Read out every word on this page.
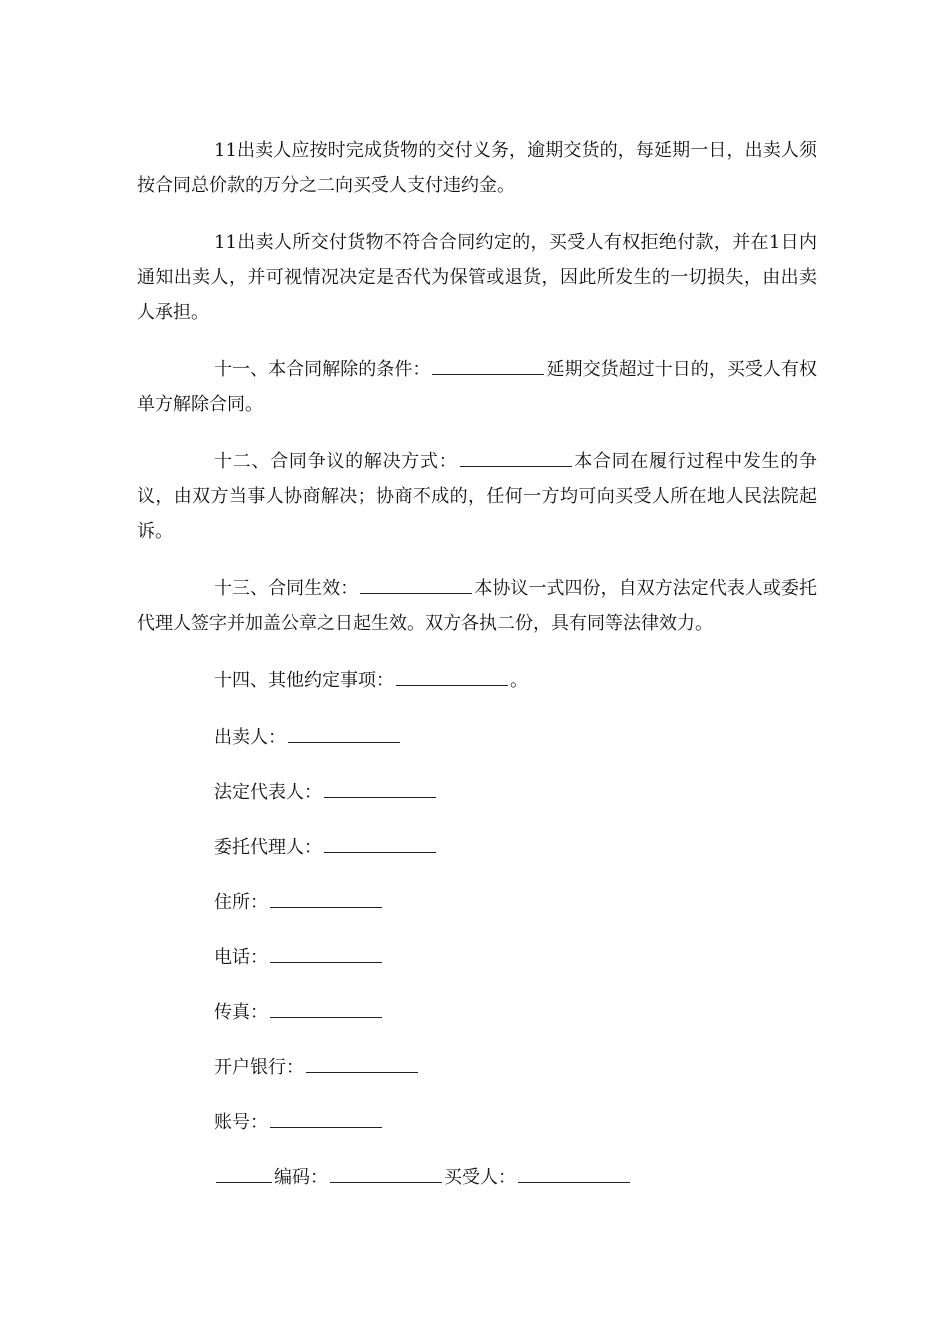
11出卖人应按时完成货物的交付义务，逾期交货的，每延期一日，出卖人须按合同总价款的万分之二向买受人支付违约金。

11出卖人所交付货物不符合合同约定的，买受人有权拒绝付款，并在1日内通知出卖人，并可视情况决定是否代为保管或退货，因此所发生的一切损失，由出卖人承担。

十一、本合同解除的条件：	延期交货超过十日的，买受人有权单方解除合同。

十二、合同争议的解决方式：	本合同在履行过程中发生的争议，由双方当事人协商解决；协商不成的，任何一方均可向买受人所在地人民法院起诉。

十三、合同生效：	本协议一式四份，自双方法定代表人或委托代理人签字并加盖公章之日起生效。双方各执二份，具有同等法律效力。

十四、其他约定事项：	。

出卖人：
法定代表人：
委托代理人：
住所：
电话：
传真：
开户银行：
账号：
编码：	买受人：
